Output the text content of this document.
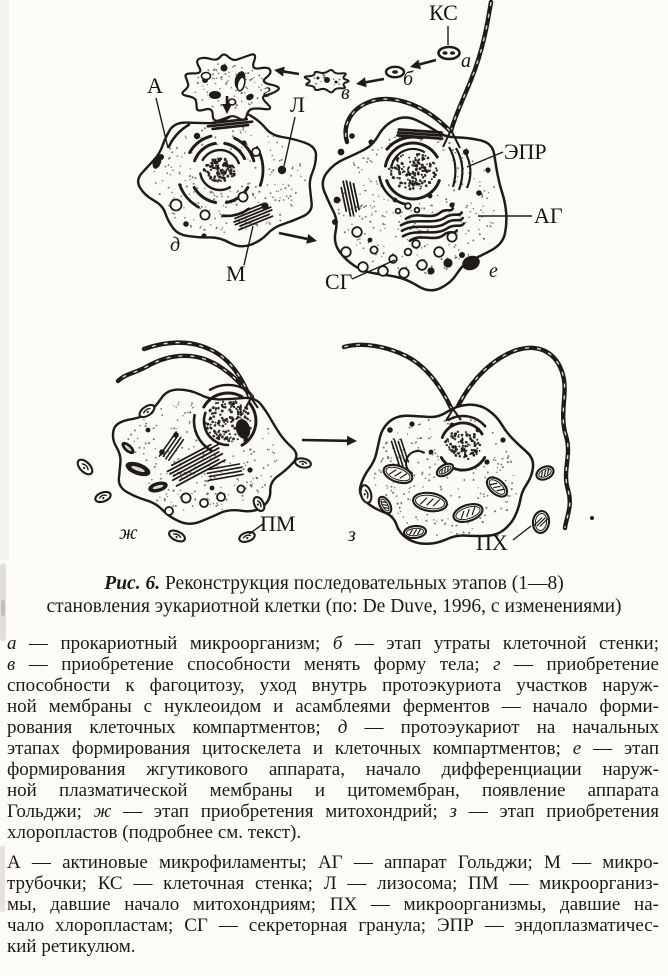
КС
а
б
в
г
А
Л
д
М
ЭПР
АГ
СГ	е
ж	ПМ	з	ПХ
Рис. 6. Реконструкция последовательных этапов (1—8)
становления эукариотной клетки (по: De Duve, 1996, с изменениями)
а — прокариотный микроорганизм; б — этап утраты клеточной стенки;
в — приобретение способности менять форму тела; г — приобретение
способности к фагоцитозу, уход внутрь протоэкуриота участков наруж-
ной мембраны с нуклеоидом и асамблеями ферментов — начало форми-
рования клеточных компартментов; д — протоэукариот на начальных
этапах формирования цитоскелета и клеточных компартментов; е — этап
формирования жгутикового аппарата, начало дифференциации наруж-
ной плазматической мембраны и цитомембран, появление аппарата
Гольджи; ж — этап приобретения митохондрий; з — этап приобретения
хлоропластов (подробнее см. текст).
А — актиновые микрофиламенты; АГ — аппарат Гольджи; М — микро-
трубочки; КС — клеточная стенка; Л — лизосома; ПМ — микроорганиз-
мы, давшие начало митохондриям; ПХ — микроорганизмы, давшие на-
чало хлоропластам; СГ — секреторная гранула; ЭПР — эндоплазматичес-
кий ретикулюм.
